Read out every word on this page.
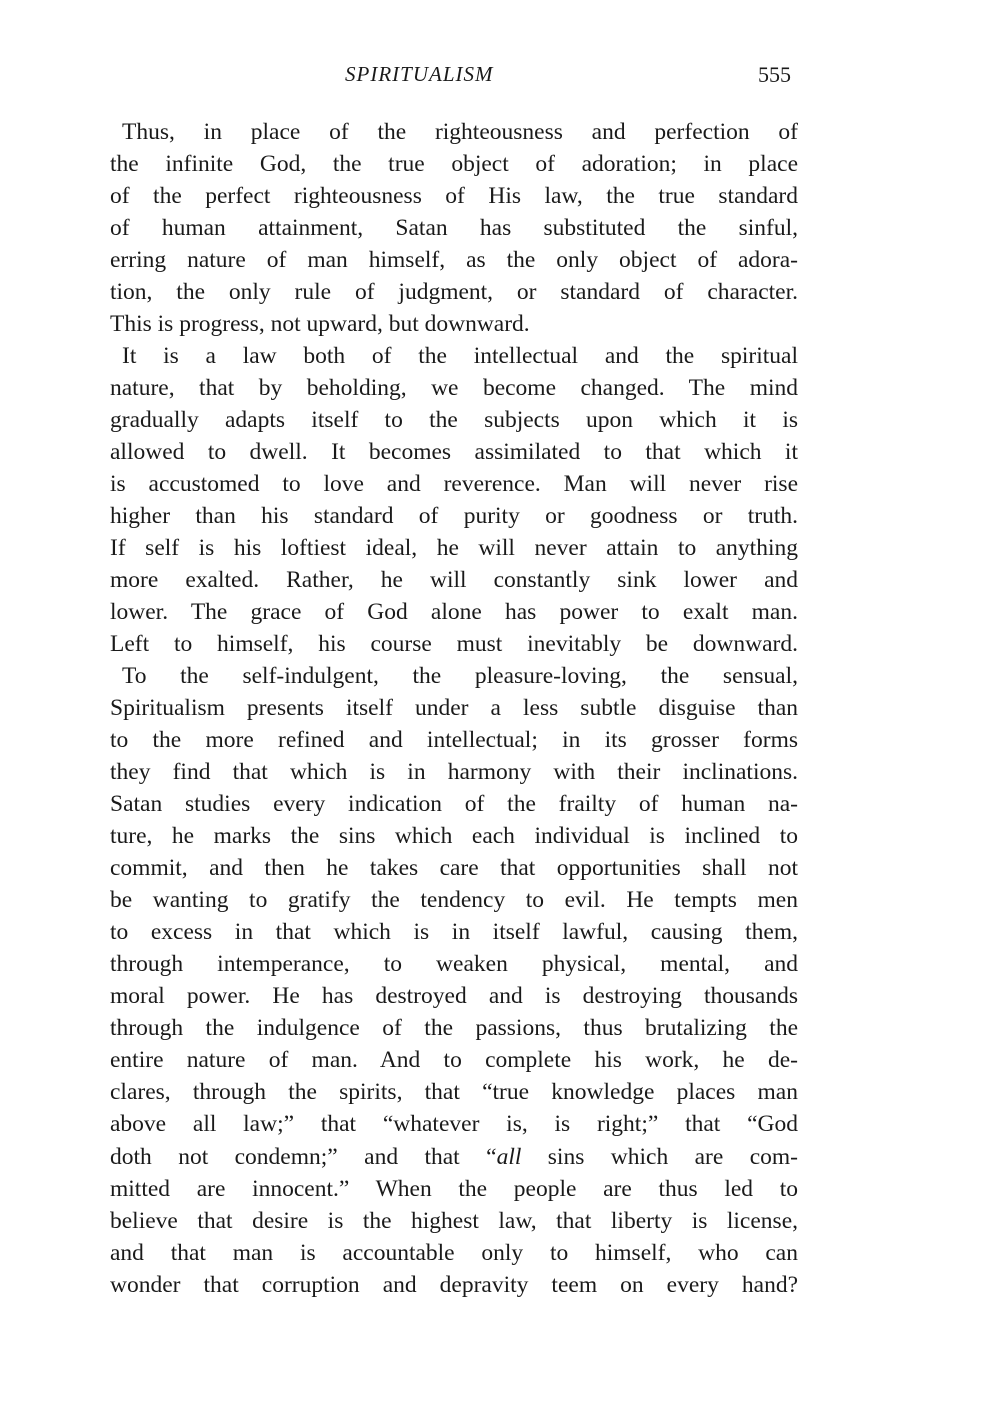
SPIRITUALISM	555
Thus, in place of the righteousness and perfection of
the infinite God, the true object of adoration; in place
of the perfect righteousness of His law, the true standard
of human attainment, Satan has substituted the sinful,
erring nature of man himself, as the only object of adora-
tion, the only rule of judgment, or standard of character.
This is progress, not upward, but downward.
It is a law both of the intellectual and the spiritual
nature, that by beholding, we become changed. The mind
gradually adapts itself to the subjects upon which it is
allowed to dwell. It becomes assimilated to that which it
is accustomed to love and reverence. Man will never rise
higher than his standard of purity or goodness or truth.
If self is his loftiest ideal, he will never attain to anything
more exalted. Rather, he will constantly sink lower and
lower. The grace of God alone has power to exalt man.
Left to himself, his course must inevitably be downward.
To the self-indulgent, the pleasure-loving, the sensual,
Spiritualism presents itself under a less subtle disguise than
to the more refined and intellectual; in its grosser forms
they find that which is in harmony with their inclinations.
Satan studies every indication of the frailty of human na-
ture, he marks the sins which each individual is inclined to
commit, and then he takes care that opportunities shall not
be wanting to gratify the tendency to evil. He tempts men
to excess in that which is in itself lawful, causing them,
through intemperance, to weaken physical, mental, and
moral power. He has destroyed and is destroying thousands
through the indulgence of the passions, thus brutalizing the
entire nature of man. And to complete his work, he de-
clares, through the spirits, that “true knowledge places man
above all law;” that “whatever is, is right;” that “God
doth not condemn;” and that “all sins which are com-
mitted are innocent.” When the people are thus led to
believe that desire is the highest law, that liberty is license,
and that man is accountable only to himself, who can
wonder that corruption and depravity teem on every hand?
